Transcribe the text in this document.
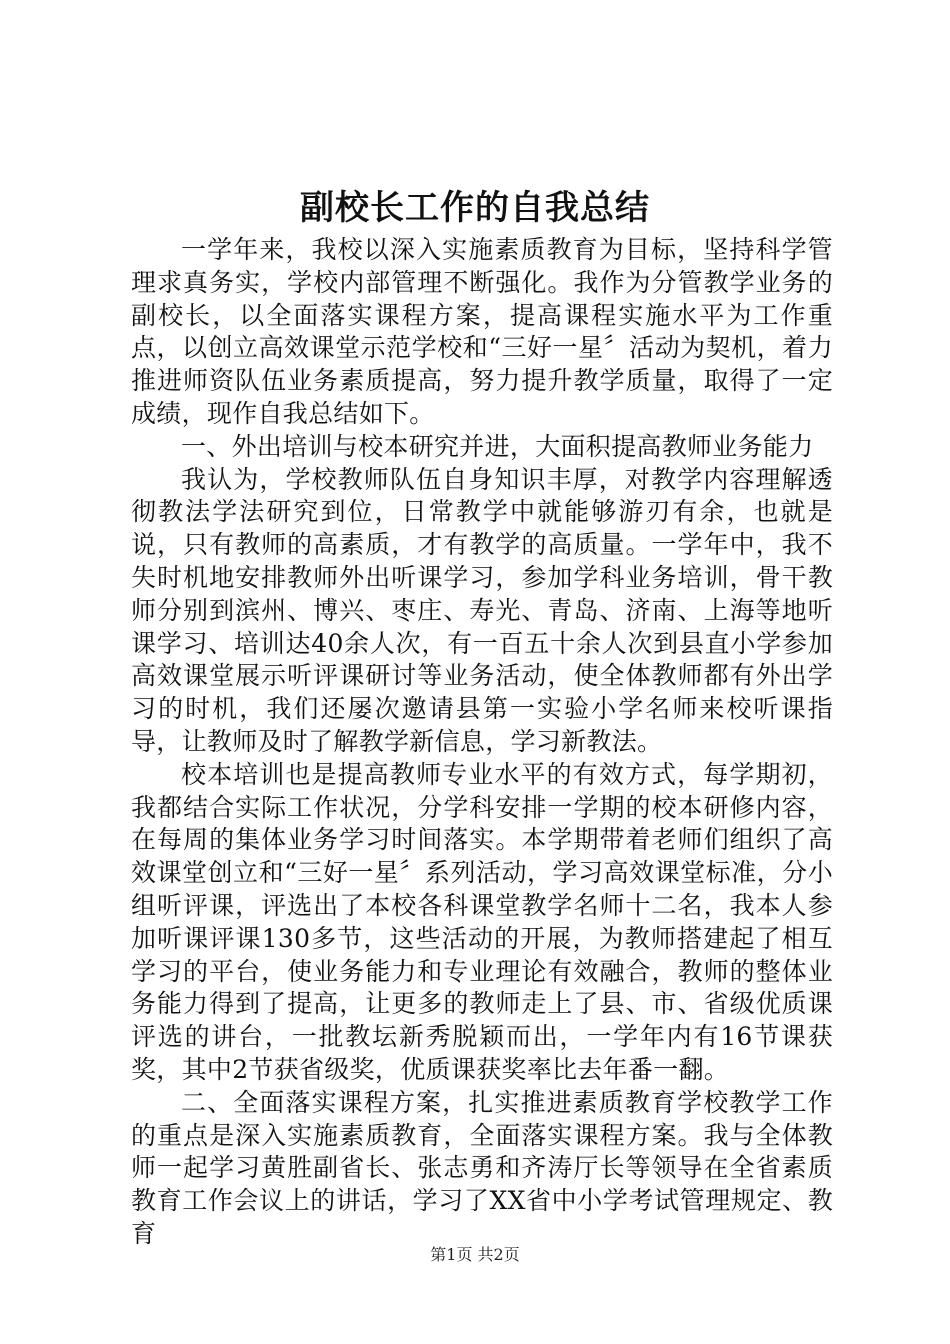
副校长工作的自我总结

一学年来，我校以深入实施素质教育为目标，坚持科学管理求真务实，学校内部管理不断强化。我作为分管教学业务的副校长，以全面落实课程方案，提高课程实施水平为工作重点，以创立高效课堂示范学校和“三好一星〞活动为契机，着力推进师资队伍业务素质提高，努力提升教学质量，取得了一定成绩，现作自我总结如下。

一、外出培训与校本研究并进，大面积提高教师业务能力

我认为，学校教师队伍自身知识丰厚，对教学内容理解透彻教法学法研究到位，日常教学中就能够游刃有余，也就是说，只有教师的高素质，才有教学的高质量。一学年中，我不失时机地安排教师外出听课学习，参加学科业务培训，骨干教师分别到滨州、博兴、枣庄、寿光、青岛、济南、上海等地听课学习、培训达40余人次，有一百五十余人次到县直小学参加高效课堂展示听评课研讨等业务活动，使全体教师都有外出学习的时机，我们还屡次邀请县第一实验小学名师来校听课指导，让教师及时了解教学新信息，学习新教法。

校本培训也是提高教师专业水平的有效方式，每学期初，我都结合实际工作状况，分学科安排一学期的校本研修内容，在每周的集体业务学习时间落实。本学期带着老师们组织了高效课堂创立和“三好一星〞系列活动，学习高效课堂标准，分小组听评课，评选出了本校各科课堂教学名师十二名，我本人参加听课评课130多节，这些活动的开展，为教师搭建起了相互学习的平台，使业务能力和专业理论有效融合，教师的整体业务能力得到了提高，让更多的教师走上了县、市、省级优质课评选的讲台，一批教坛新秀脱颖而出，一学年内有16节课获奖，其中2节获省级奖，优质课获奖率比去年番一翻。

二、全面落实课程方案，扎实推进素质教育学校教学工作的重点是深入实施素质教育，全面落实课程方案。我与全体教师一起学习黄胜副省长、张志勇和齐涛厅长等领导在全省素质教育工作会议上的讲话，学习了XX省中小学考试管理规定、教育

第1页 共2页
